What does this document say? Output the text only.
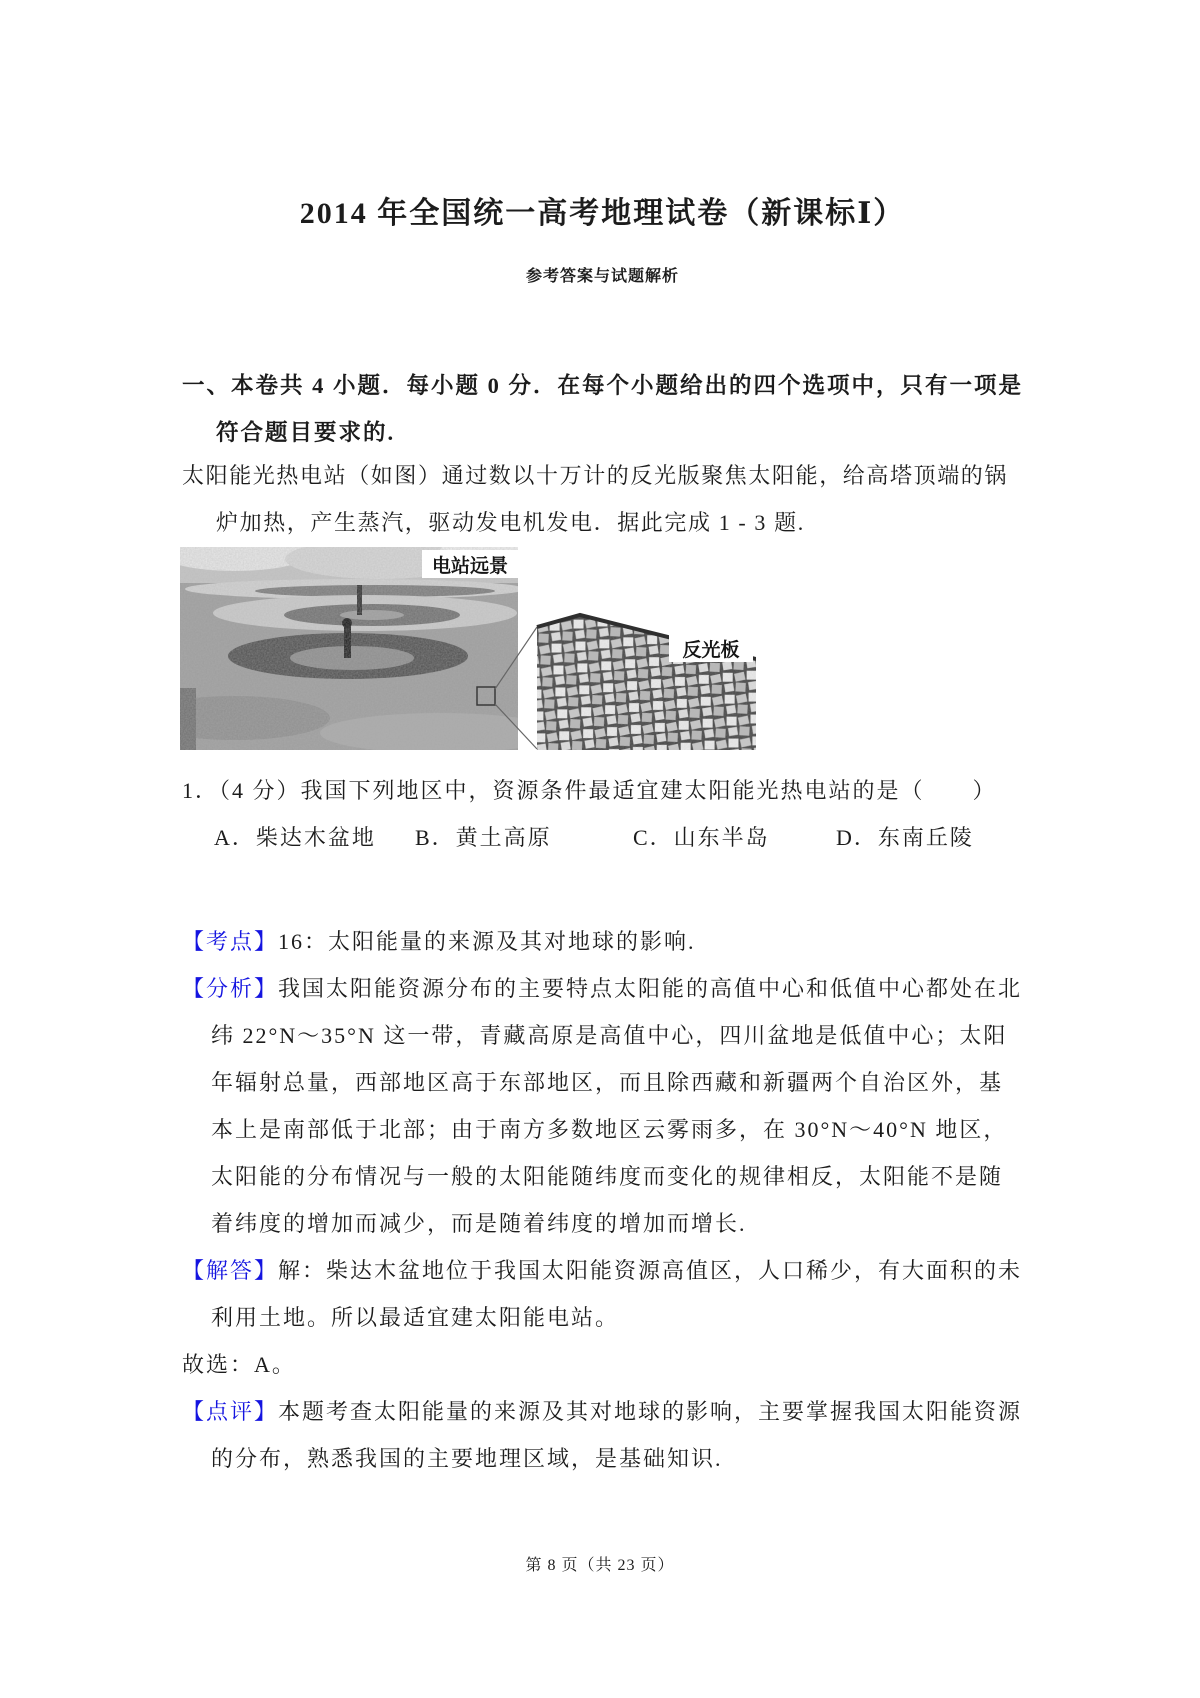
2014 年全国统一高考地理试卷（新课标Ⅰ）
参考答案与试题解析
一、本卷共 4 小题．每小题 0 分．在每个小题给出的四个选项中，只有一项是符合题目要求的.

太阳能光热电站（如图）通过数以十万计的反光版聚焦太阳能，给高塔顶端的锅炉加热，产生蒸汽，驱动发电机发电．据此完成 1 - 3 题.

电站远景
反光板
1．（4 分）我国下列地区中，资源条件最适宜建太阳能光热电站的是（　　）
A．柴达木盆地	B．黄土高原	C．山东半岛	D．东南丘陵
【考点】16：太阳能量的来源及其对地球的影响.
【分析】我国太阳能资源分布的主要特点太阳能的高值中心和低值中心都处在北纬 22°N～35°N 这一带，青藏高原是高值中心，四川盆地是低值中心；太阳年辐射总量，西部地区高于东部地区，而且除西藏和新疆两个自治区外，基本上是南部低于北部；由于南方多数地区云雾雨多，在 30°N～40°N 地区，太阳能的分布情况与一般的太阳能随纬度而变化的规律相反，太阳能不是随着纬度的增加而减少，而是随着纬度的增加而增长.
【解答】解：柴达木盆地位于我国太阳能资源高值区，人口稀少，有大面积的未利用土地。所以最适宜建太阳能电站。
故选：A。
【点评】本题考查太阳能量的来源及其对地球的影响，主要掌握我国太阳能资源的分布，熟悉我国的主要地理区域，是基础知识.
第 8 页（共 23 页）
